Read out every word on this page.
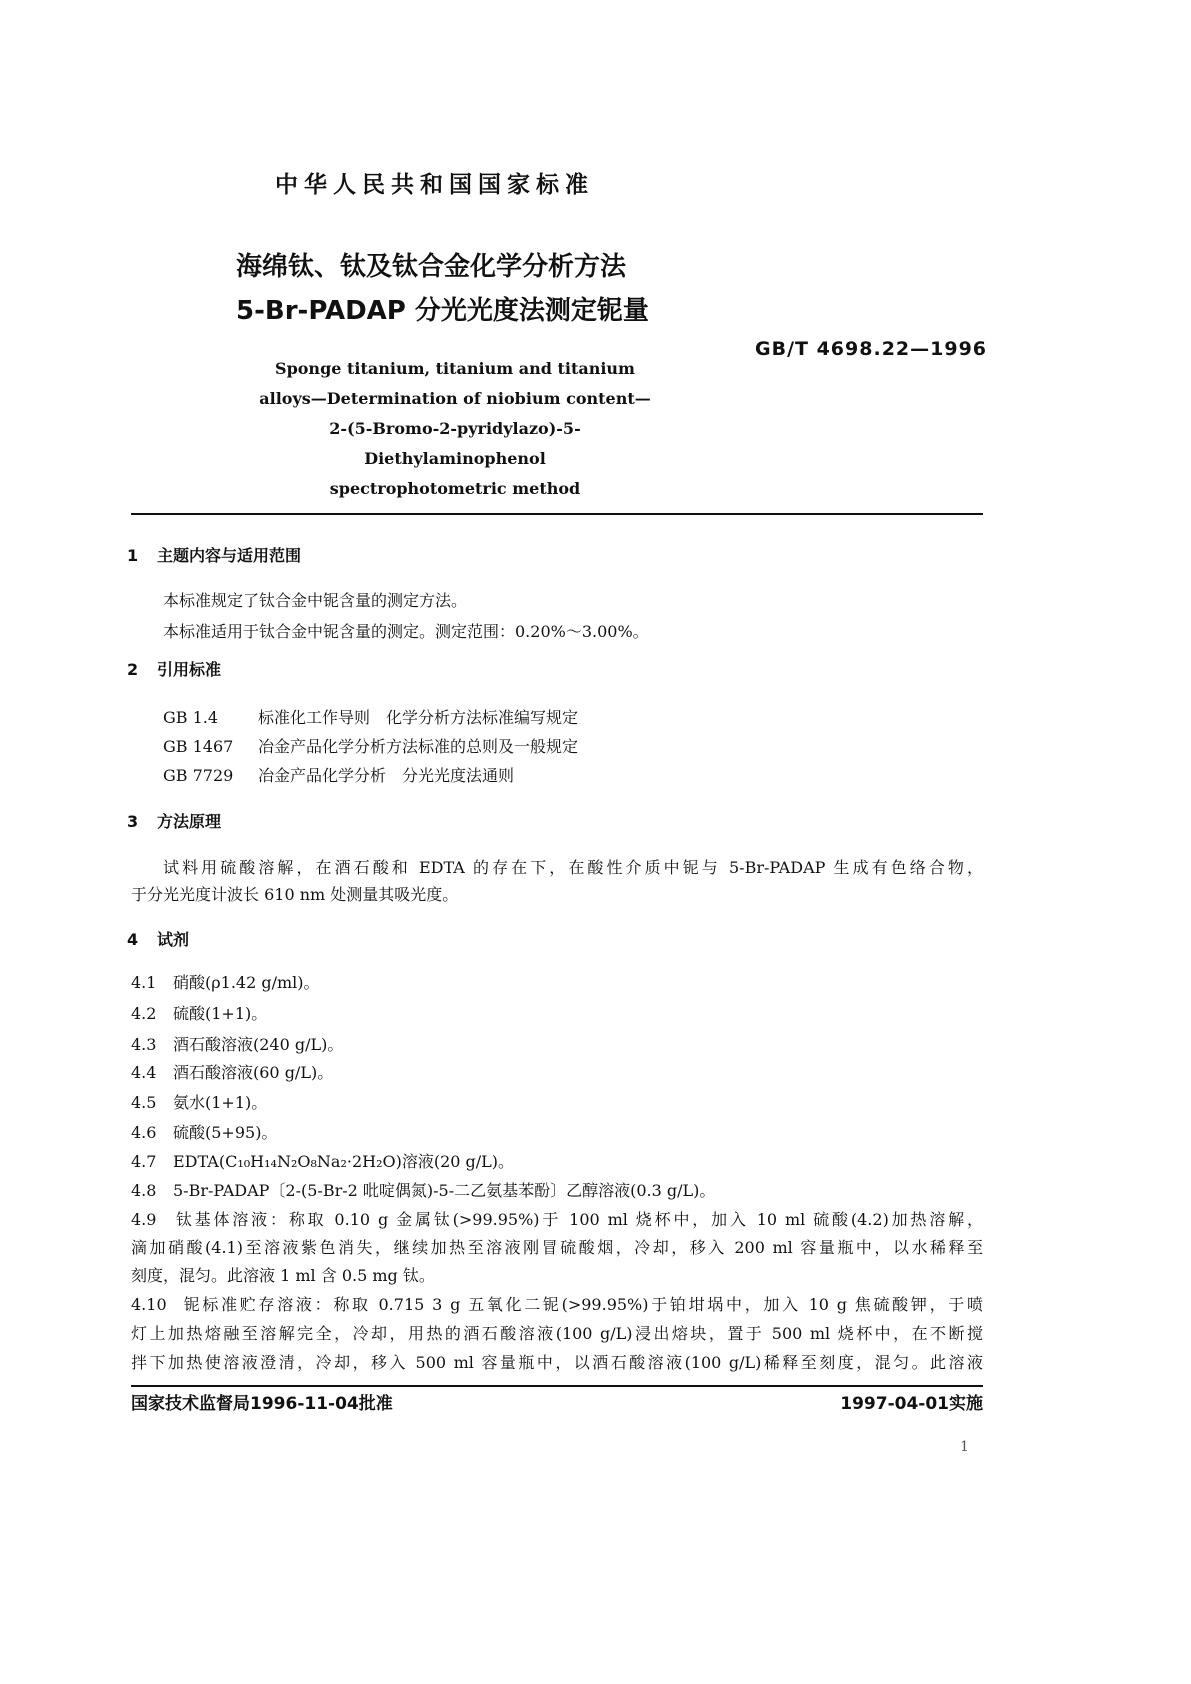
中华人民共和国国家标准
海绵钛、钛及钛合金化学分析方法
5-Br-PADAP 分光光度法测定铌量
GB/T 4698.22—1996
Sponge titanium, titanium and titanium
alloys—Determination of niobium content—
2-(5-Bromo-2-pyridylazo)-5-Diethylaminophenol
spectrophotometric method
1 主题内容与适用范围
本标准规定了钛合金中铌含量的测定方法。
本标准适用于钛合金中铌含量的测定。测定范围：0.20%～3.00%。
2 引用标准
GB 1.4 标准化工作导则　化学分析方法标准编写规定
GB 1467 冶金产品化学分析方法标准的总则及一般规定
GB 7729 冶金产品化学分析　分光光度法通则
3 方法原理
试料用硫酸溶解，在酒石酸和 EDTA 的存在下，在酸性介质中铌与 5-Br-PADAP 生成有色络合物，
于分光光度计波长 610 nm 处测量其吸光度。
4 试剂
4.1 硝酸(ρ1.42 g/ml)。
4.2 硫酸(1+1)。
4.3 酒石酸溶液(240 g/L)。
4.4 酒石酸溶液(60 g/L)。
4.5 氨水(1+1)。
4.6 硫酸(5+95)。
4.7 EDTA(C₁₀H₁₄N₂O₈Na₂·2H₂O)溶液(20 g/L)。
4.8 5-Br-PADAP〔2-(5-Br-2 吡啶偶氮)-5-二乙氨基苯酚〕乙醇溶液(0.3 g/L)。
4.9 钛基体溶液：称取 0.10 g 金属钛(>99.95%)于 100 ml 烧杯中，加入 10 ml 硫酸(4.2)加热溶解，
滴加硝酸(4.1)至溶液紫色消失，继续加热至溶液刚冒硫酸烟，冷却，移入 200 ml 容量瓶中，以水稀释至
刻度，混匀。此溶液 1 ml 含 0.5 mg 钛。
4.10 铌标准贮存溶液：称取 0.715 3 g 五氧化二铌(>99.95%)于铂坩埚中，加入 10 g 焦硫酸钾，于喷
灯上加热熔融至溶解完全，冷却，用热的酒石酸溶液(100 g/L)浸出熔块，置于 500 ml 烧杯中，在不断搅
拌下加热使溶液澄清，冷却，移入 500 ml 容量瓶中，以酒石酸溶液(100 g/L)稀释至刻度，混匀。此溶液
国家技术监督局1996-11-04批准	1997-04-01实施
1
